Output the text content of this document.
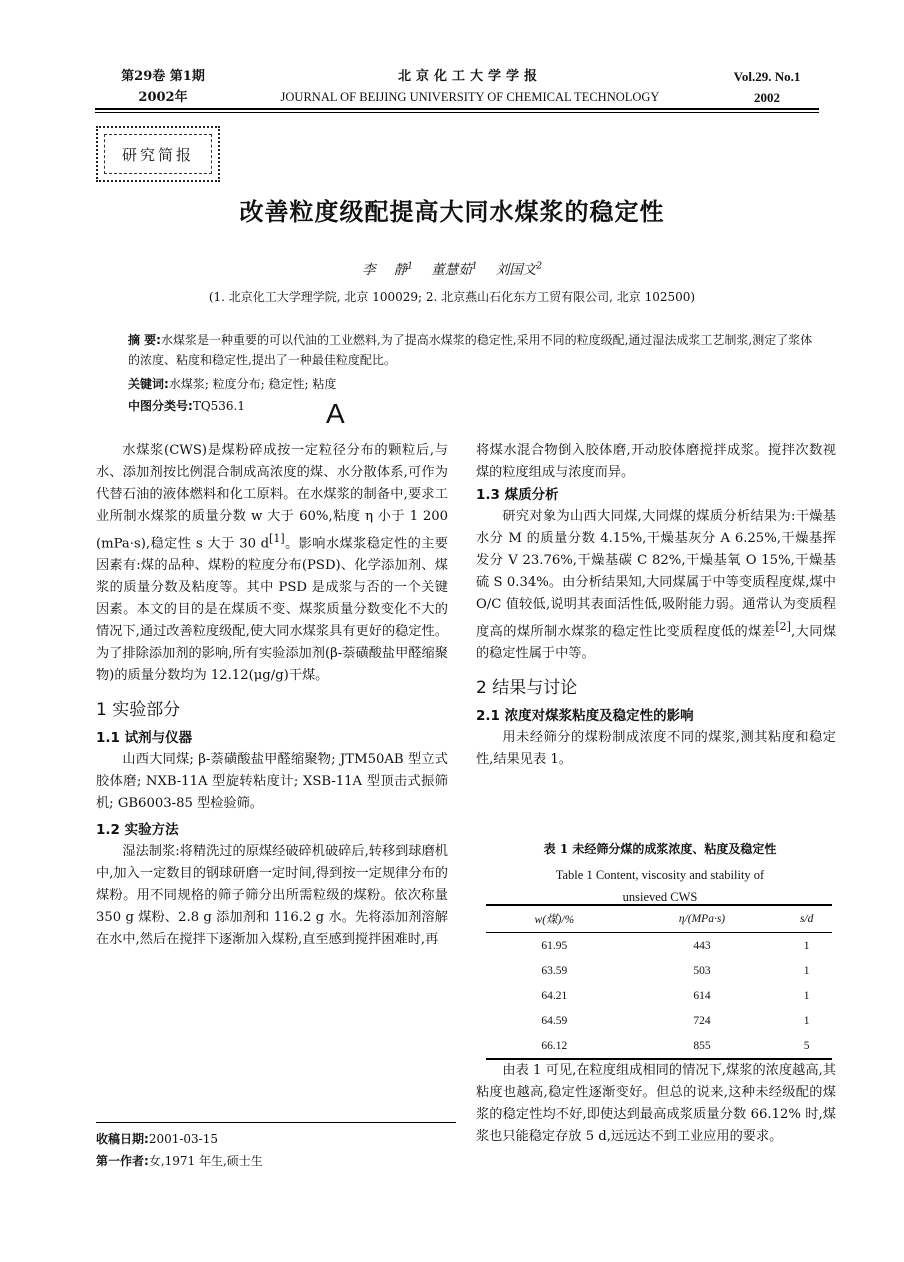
第29卷 第1期
2002年
北京化工大学学报
JOURNAL OF BEIJING UNIVERSITY OF CHEMICAL TECHNOLOGY
Vol.29. No.1
2002
研究简报
改善粒度级配提高大同水煤浆的稳定性
李 静$^1$ 董慧茹$^1$ 刘国文$^2$
(1. 北京化工大学理学院, 北京 100029; 2. 北京燕山石化东方工贸有限公司, 北京 102500)
摘 要:水煤浆是一种重要的可以代油的工业燃料,为了提高水煤浆的稳定性,采用不同的粒度级配,通过湿法成浆工艺制浆,测定了浆体的浓度、粘度和稳定性,提出了一种最佳粒度配比。
关键词:水煤浆; 粒度分布; 稳定性; 粘度
中图分类号:TQ536.1	A

水煤浆(CWS)是煤粉碎成按一定粒径分布的颗粒后,与水、添加剂按比例混合制成高浓度的煤、水分散体系,可作为代替石油的液体燃料和化工原料。在水煤浆的制备中,要求工业所制水煤浆的质量分数 w 大于 60%,粘度 η 小于 1 200 (mPa·s),稳定性 s 大于 30 d[1]。影响水煤浆稳定性的主要因素有:煤的品种、煤粉的粒度分布(PSD)、化学添加剂、煤浆的质量分数及粘度等。其中 PSD 是成浆与否的一个关键因素。本文的目的是在煤质不变、煤浆质量分数变化不大的情况下,通过改善粒度级配,使大同水煤浆具有更好的稳定性。为了排除添加剂的影响,所有实验添加剂(β-萘磺酸盐甲醛缩聚物)的质量分数均为 12.12(μg/g)干煤。

1 实验部分
1.1 试剂与仪器

山西大同煤; β-萘磺酸盐甲醛缩聚物; JTM50AB 型立式胶体磨; NXB-11A 型旋转粘度计; XSB-11A 型顶击式振筛机; GB6003-85 型检验筛。

1.2 实验方法

湿法制浆:将精洗过的原煤经破碎机破碎后,转移到球磨机中,加入一定数目的钢球研磨一定时间,得到按一定规律分布的煤粉。用不同规格的筛子筛分出所需粒级的煤粉。依次称量 350 g 煤粉、2.8 g 添加剂和 116.2 g 水。先将添加剂溶解在水中,然后在搅拌下逐渐加入煤粉,直至感到搅拌困难时,再

将煤水混合物倒入胶体磨,开动胶体磨搅拌成浆。搅拌次数视煤的粒度组成与浓度而异。

1.3 煤质分析

研究对象为山西大同煤,大同煤的煤质分析结果为:干燥基水分 M 的质量分数 4.15%,干燥基灰分 A 6.25%,干燥基挥发分 V 23.76%,干燥基碳 C 82%,干燥基氧 O 15%,干燥基硫 S 0.34%。由分析结果知,大同煤属于中等变质程度煤,煤中 O/C 值较低,说明其表面活性低,吸附能力弱。通常认为变质程度高的煤所制水煤浆的稳定性比变质程度低的煤差[2],大同煤的稳定性属于中等。

2 结果与讨论
2.1 浓度对煤浆粘度及稳定性的影响

用未经筛分的煤粉制成浓度不同的煤浆,测其粘度和稳定性,结果见表 1。

表 1 未经筛分煤的成浆浓度、粘度及稳定性
Table 1 Content, viscosity and stability of
unsieved CWS
w(煤)/%	η/(MPa·s)	s/d
61.95	443	1
63.59	503	1
64.21	614	1
64.59	724	1
66.12	855	5

由表 1 可见,在粒度组成相同的情况下,煤浆的浓度越高,其粘度也越高,稳定性逐渐变好。但总的说来,这种未经级配的煤浆的稳定性均不好,即使达到最高成浆质量分数 66.12% 时,煤浆也只能稳定存放 5 d,远远达不到工业应用的要求。

收稿日期:2001-03-15
第一作者:女,1971 年生,硕士生
